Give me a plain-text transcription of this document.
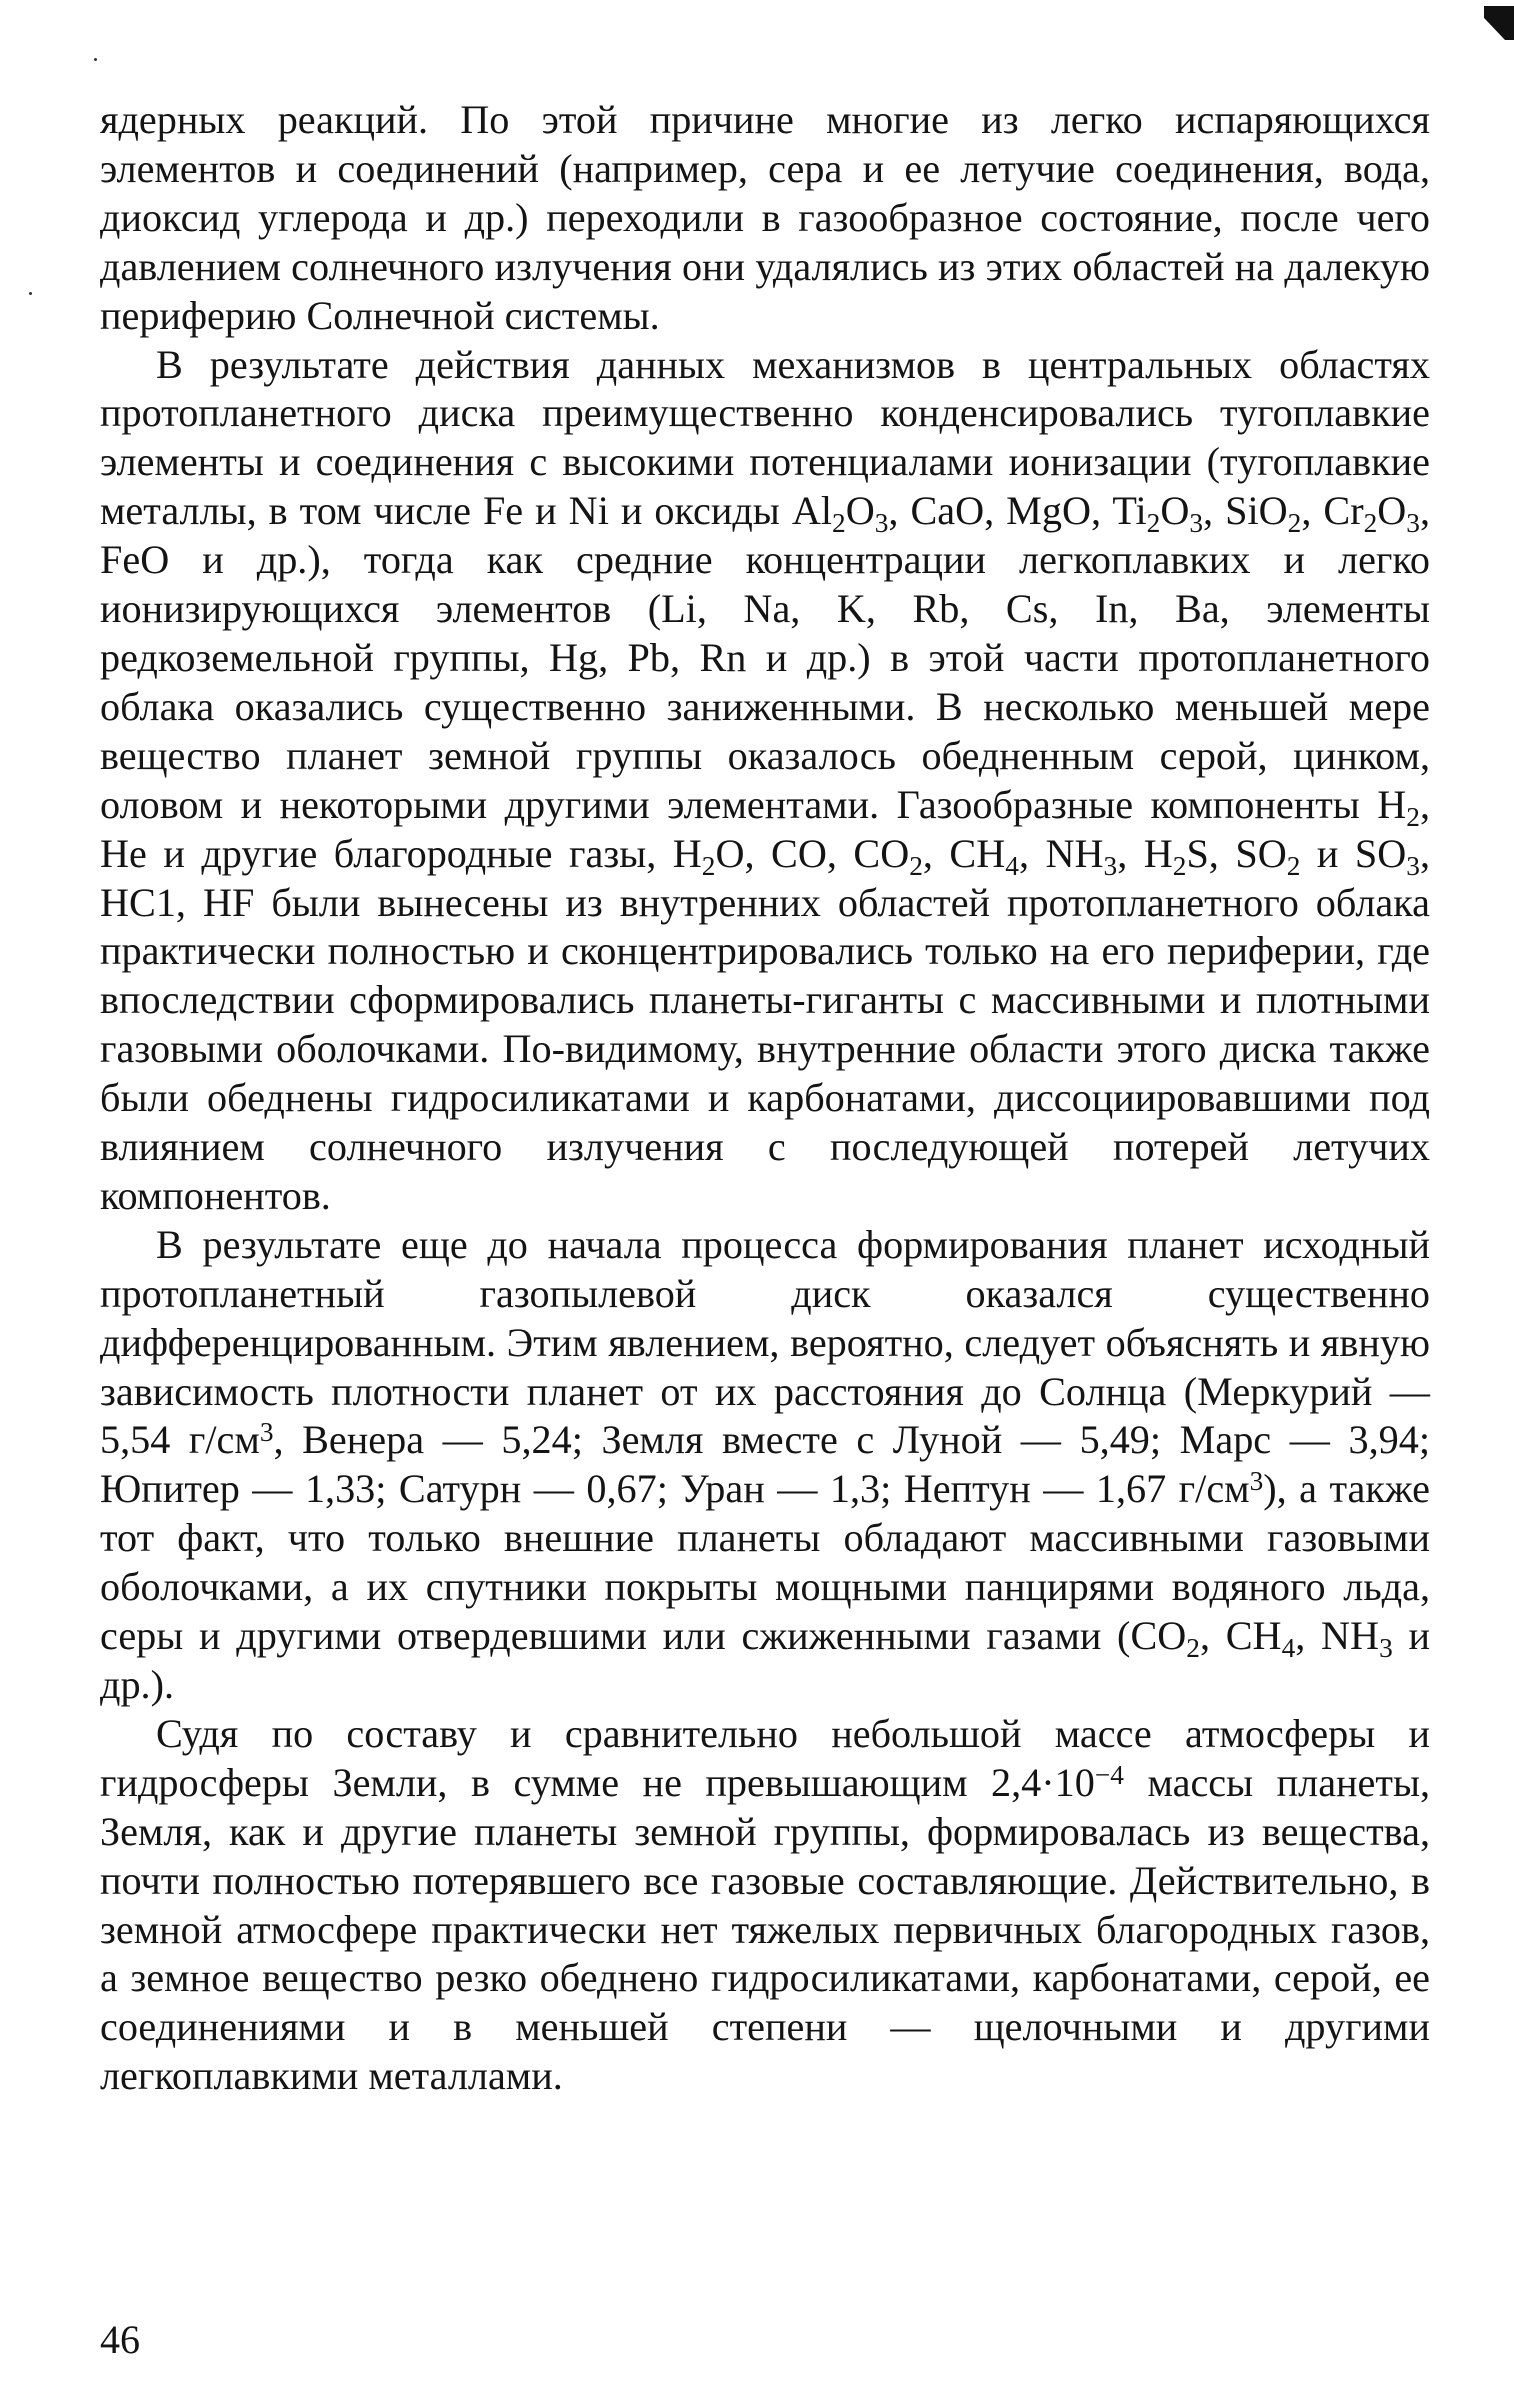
ядерных реакций. По этой причине многие из легко испаряющихся элементов и соединений (например, сера и ее летучие соединения, вода, диоксид углерода и др.) переходили в газообразное состояние, после чего давлением солнечного излучения они удалялись из этих областей на далекую периферию Солнечной системы.

В результате действия данных механизмов в центральных областях протопланетного диска преимущественно конденсировались тугоплавкие элементы и соединения с высокими потенциалами ионизации (тугоплавкие металлы, в том числе Fe и Ni и оксиды $Al_2O_3$, CaO, MgO, $Ti_2O_3$, SiO$_2$, $Cr_2O_3$, FeO и др.), тогда как средние концентрации легкоплавких и легко ионизирующихся элементов (Li, Na, K, Rb, Cs, In, Ba, элементы редкоземельной группы, Hg, Pb, Rn и др.) в этой части протопланетного облака оказались существенно заниженными. В несколько меньшей мере вещество планет земной группы оказалось обедненным серой, цинком, оловом и некоторыми другими элементами. Газообразные компоненты $H_2$, He и другие благородные газы, $H_2O$, CO, $CO_2$, $CH_4$, $NH_3$, $H_2S$, $SO_2$ и $SO_3$, HC1, HF были вынесены из внутренних областей протопланетного облака практически полностью и сконцентрировались только на его периферии, где впоследствии сформировались планеты-гиганты с массивными и плотными газовыми оболочками. По-видимому, внутренние области этого диска также были обеднены гидросиликатами и карбонатами, диссоциировавшими под влиянием солнечного излучения с последующей потерей летучих компонентов.

В результате еще до начала процесса формирования планет исходный протопланетный газопылевой диск оказался существенно дифференцированным. Этим явлением, вероятно, следует объяснять и явную зависимость плотности планет от их расстояния до Солнца (Меркурий — 5,54 $г/см^3$, Венера — 5,24; Земля вместе с Луной — 5,49; Марс — 3,94; Юпитер — 1,33; Сатурн — 0,67; Уран — 1,3; Нептун — 1,67 $г/см^3$), а также тот факт, что только внешние планеты обладают массивными газовыми оболочками, а их спутники покрыты мощными панцирями водяного льда, серы и другими отвердевшими или сжиженными газами ($CO_2$, $CH_4$, $NH_3$ и др.).

Судя по составу и сравнительно небольшой массе атмосферы и гидросферы Земли, в сумме не превышающим $2,4\cdot 10^{-4}$ массы планеты, Земля, как и другие планеты земной группы, формировалась из вещества, почти полностью потерявшего все газовые составляющие. Действительно, в земной атмосфере практически нет тяжелых первичных благородных газов, а земное вещество резко обеднено гидросиликатами, карбонатами, серой, ее соединениями и в меньшей степени — щелочными и другими легкоплавкими металлами.

46
